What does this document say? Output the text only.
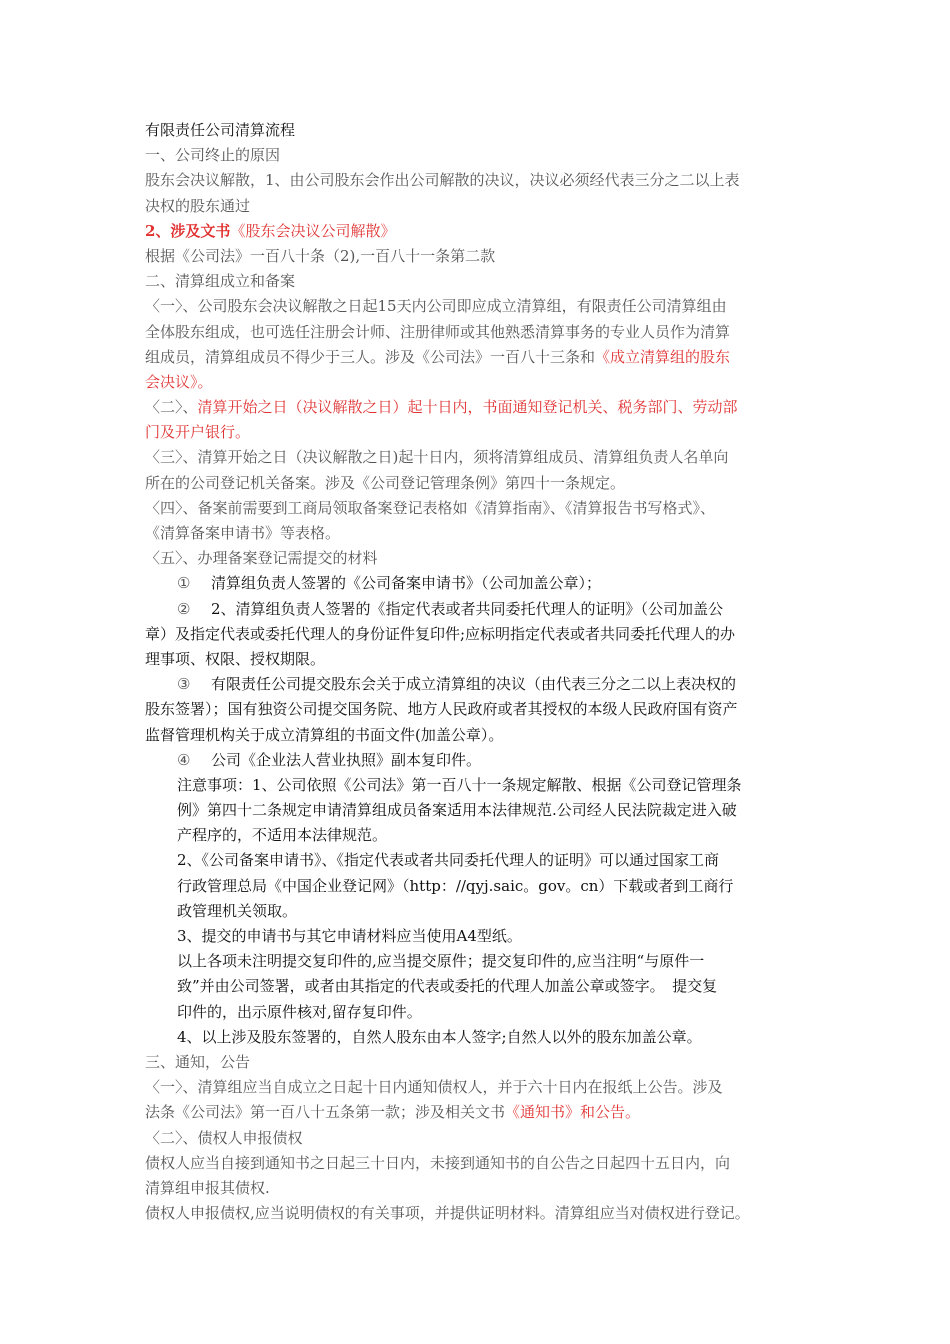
有限责任公司清算流程
一、公司终止的原因
股东会决议解散，1、由公司股东会作出公司解散的决议，决议必须经代表三分之二以上表
决权的股东通过
2、涉及文书《股东会决议公司解散》
根据《公司法》一百八十条（2),一百八十一条第二款
二、清算组成立和备案
〈一〉、公司股东会决议解散之日起15天内公司即应成立清算组，有限责任公司清算组由
全体股东组成，也可选任注册会计师、注册律师或其他熟悉清算事务的专业人员作为清算
组成员，清算组成员不得少于三人。涉及《公司法》一百八十三条和《成立清算组的股东
会决议》。
〈二〉、清算开始之日（决议解散之日）起十日内，书面通知登记机关、税务部门、劳动部
门及开户银行。
〈三〉、清算开始之日（决议解散之日)起十日内，须将清算组成员、清算组负责人名单向
所在的公司登记机关备案。涉及《公司登记管理条例》第四十一条规定。
〈四〉、备案前需要到工商局领取备案登记表格如《清算指南》、《清算报告书写格式》、
《清算备案申请书》等表格。
〈五〉、办理备案登记需提交的材料
① 清算组负责人签署的《公司备案申请书》（公司加盖公章）；
② 2、清算组负责人签署的《指定代表或者共同委托代理人的证明》（公司加盖公
章）及指定代表或委托代理人的身份证件复印件;应标明指定代表或者共同委托代理人的办
理事项、权限、授权期限。
③ 有限责任公司提交股东会关于成立清算组的决议（由代表三分之二以上表决权的
股东签署）；国有独资公司提交国务院、地方人民政府或者其授权的本级人民政府国有资产
监督管理机构关于成立清算组的书面文件(加盖公章）。
④ 公司《企业法人营业执照》副本复印件。
注意事项：1、公司依照《公司法》第一百八十一条规定解散、根据《公司登记管理条
例》第四十二条规定申请清算组成员备案适用本法律规范.公司经人民法院裁定进入破
产程序的，不适用本法律规范。
2、《公司备案申请书》、《指定代表或者共同委托代理人的证明》可以通过国家工商
行政管理总局《中国企业登记网》（http：//qyj.saic。gov。cn）下载或者到工商行
政管理机关领取。
3、提交的申请书与其它申请材料应当使用A4型纸。
以上各项未注明提交复印件的,应当提交原件；提交复印件的,应当注明“与原件一
致”并由公司签署，或者由其指定的代表或委托的代理人加盖公章或签字。　提交复
印件的，出示原件核对,留存复印件。
4、以上涉及股东签署的，自然人股东由本人签字;自然人以外的股东加盖公章。
三、通知，公告
〈一〉、清算组应当自成立之日起十日内通知债权人，并于六十日内在报纸上公告。涉及
法条《公司法》第一百八十五条第一款；涉及相关文书《通知书》和公告。
〈二〉、债权人申报债权
债权人应当自接到通知书之日起三十日内，未接到通知书的自公告之日起四十五日内，向
清算组申报其债权.
债权人申报债权,应当说明债权的有关事项，并提供证明材料。清算组应当对债权进行登记。
